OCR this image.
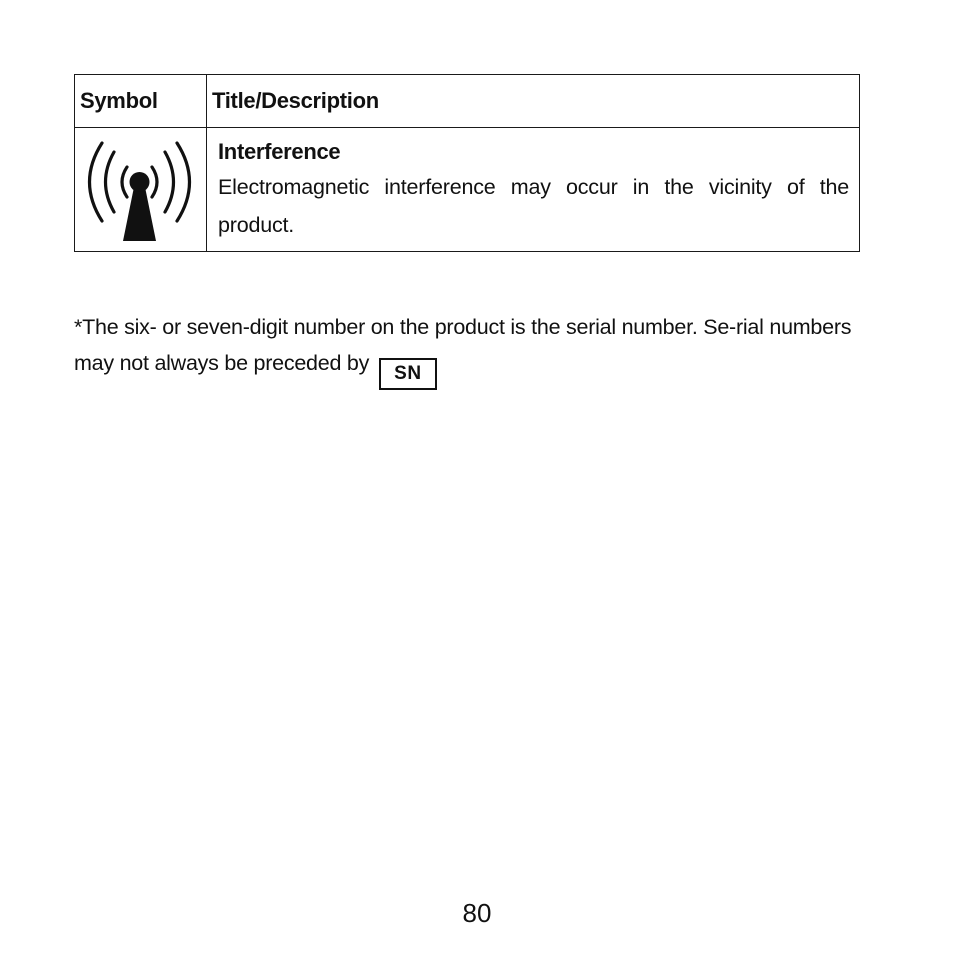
Symbol	Title/Description

Interference

Electromagnetic interference may occur in the vicinity of the product.

*The six- or seven-digit number on the product is the serial number. Se-rial numbers may not always be preceded by SN

80
